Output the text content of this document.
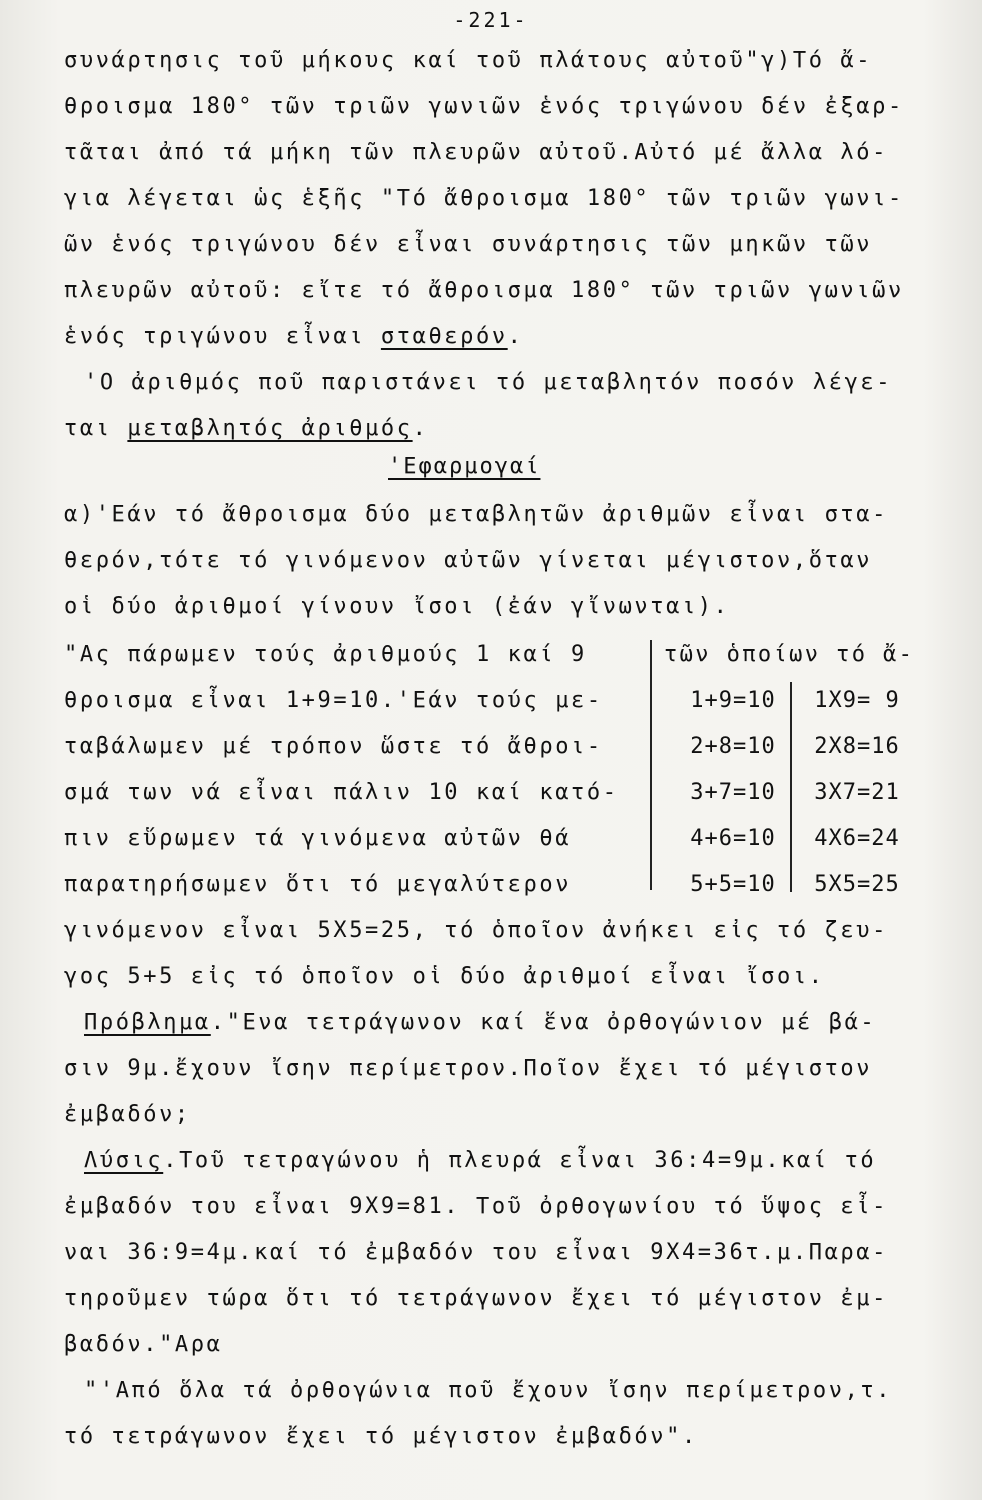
-221-
συνάρτησις τοῦ μήκους καί τοῦ πλάτους αὐτοῦ"γ)Τό ἄ-
θροισμα 180° τῶν τριῶν γωνιῶν ἑνός τριγώνου δέν ἐξαρ-
τᾶται ἀπό τά μήκη τῶν πλευρῶν αὐτοῦ.Αὐτό μέ ἄλλα λό-
για λέγεται ὡς ἑξῆς "Τό ἄθροισμα 180° τῶν τριῶν γωνι-
ῶν ἑνός τριγώνου δέν εἶναι συνάρτησις τῶν μηκῶν τῶν
πλευρῶν αὐτοῦ: εἴτε τό ἄθροισμα 180° τῶν τριῶν γωνιῶν
ἑνός τριγώνου εἶναι σταθερόν.
'Ο ἀριθμός ποῦ παριστάνει τό μεταβλητόν ποσόν λέγε-
ται μεταβλητός ἀριθμός.
'Εφαρμογαί
α)'Εάν τό ἄθροισμα δύο μεταβλητῶν ἀριθμῶν εἶναι στα-
θερόν,τότε τό γινόμενον αὐτῶν γίνεται μέγιστον,ὅταν
οἱ δύο ἀριθμοί γίνουν ἴσοι (ἐάν γἴνωνται).
"Ας πάρωμεν τούς ἀριθμούς 1 καί 9	τῶν ὁποίων τό ἄ-
θροισμα εἶναι 1+9=10.'Εάν τούς με-
ταβάλωμεν μέ τρόπον ὥστε τό ἄθροι-
σμά των νά εἶναι πάλιν 10 καί κατό-
πιν εὕρωμεν τά γινόμενα αὐτῶν θά
παρατηρήσωμεν ὅτι τό μεγαλύτερον
1+9=10	1X9= 9
2+8=10	2X8=16
3+7=10	3X7=21
4+6=10	4X6=24
5+5=10	5X5=25
γινόμενον εἶναι 5X5=25, τό ὁποῖον ἀνήκει εἰς τό ζευ-
γος 5+5 εἰς τό ὁποῖον οἱ δύο ἀριθμοί εἶναι ἴσοι.
Πρόβλημα."Ενα τετράγωνον καί ἕνα ὀρθογώνιον μέ βά-
σιν 9μ.ἔχουν ἴσην περίμετρον.Ποῖον ἔχει τό μέγιστον
ἐμβαδόν;
Λύσις.Τοῦ τετραγώνου ἡ πλευρά εἶναι 36:4=9μ.καί τό
ἐμβαδόν του εἶναι 9X9=81. Τοῦ ὀρθογωνίου τό ὕψος εἶ-
ναι 36:9=4μ.καί τό ἐμβαδόν του εἶναι 9X4=36τ.μ.Παρα-
τηροῦμεν τώρα ὅτι τό τετράγωνον ἔχει τό μέγιστον ἐμ-
βαδόν."Αρα
"'Από ὅλα τά ὀρθογώνια ποῦ ἔχουν ἴσην περίμετρον,τ.
τό τετράγωνον ἔχει τό μέγιστον ἐμβαδόν".
